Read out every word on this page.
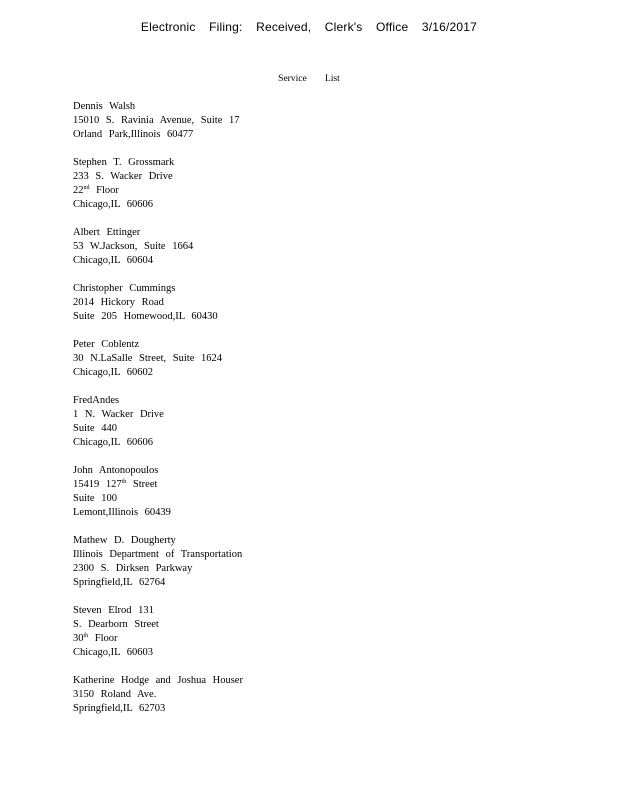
Electronic Filing: Received, Clerk's Office 3/16/2017
Service List
Dennis Walsh
15010 S. Ravinia Avenue, Suite 17
Orland Park,Illinois 60477
Stephen T. Grossmark
233 S. Wacker Drive
22nd Floor
Chicago,IL 60606
Albert Ettinger
53 W.Jackson, Suite 1664
Chicago,IL 60604
Christopher Cummings
2014 Hickory Road
Suite 205 Homewood,IL 60430
Peter Coblentz
30 N.LaSalle Street, Suite 1624
Chicago,IL 60602
FredAndes
1 N. Wacker Drive
Suite 440
Chicago,IL 60606
John Antonopoulos
15419 127th Street
Suite 100
Lemont,Illinois 60439
Mathew D. Dougherty
Illinois Department of Transportation
2300 S. Dirksen Parkway
Springfield,IL 62764
Steven Elrod 131
S. Dearborn Street
30th Floor
Chicago,IL 60603
Katherine Hodge and Joshua Houser
3150 Roland Ave.
Springfield,IL 62703
